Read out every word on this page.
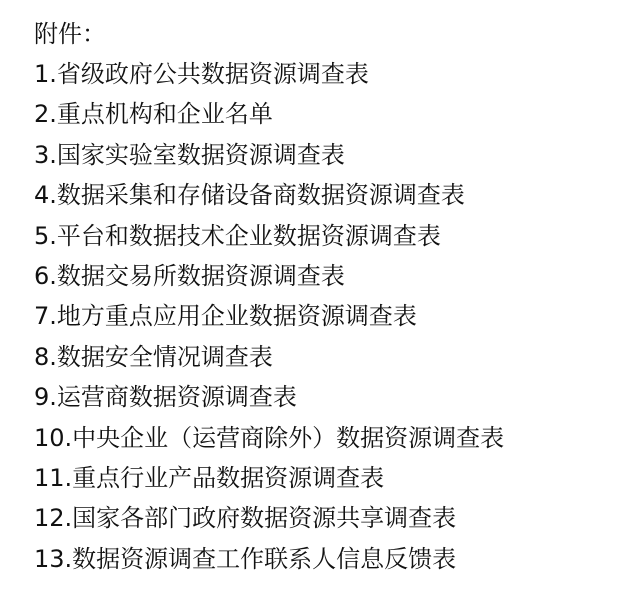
附件：
1.省级政府公共数据资源调查表
2.重点机构和企业名单
3.国家实验室数据资源调查表
4.数据采集和存储设备商数据资源调查表
5.平台和数据技术企业数据资源调查表
6.数据交易所数据资源调查表
7.地方重点应用企业数据资源调查表
8.数据安全情况调查表
9.运营商数据资源调查表
10.中央企业（运营商除外）数据资源调查表
11.重点行业产品数据资源调查表
12.国家各部门政府数据资源共享调查表
13.数据资源调查工作联系人信息反馈表
